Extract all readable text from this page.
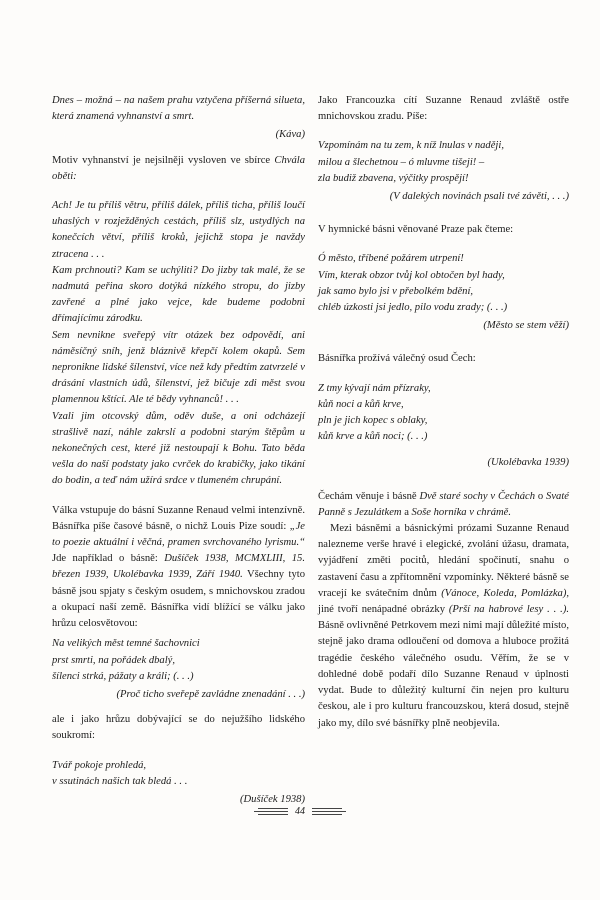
Dnes – možná – na našem prahu vztyčena příšerná silueta, která znamená vyhnanství a smrt.

(Káva)

Motiv vyhnanství je nejsilněji vysloven ve sbírce Chvála oběti:

Ach! Je tu příliš větru, příliš dálek, příliš ticha, příliš loučí uhaslých v rozježděných cestách, příliš slz, ustydlých na konečcích větví, příliš kroků, jejichž stopa je navždy ztracena . . .

Kam prchnouti? Kam se uchýliti? Do jizby tak malé, že se nadmutá peřina skoro dotýká nízkého stropu, do jizby zavřené a plné jako vejce, kde budeme podobni dřímajícímu zárodku.

Sem nevnikne sveřepý vítr otázek bez odpovědí, ani náměsíčný sníh, jenž bláznivě křepčí kolem okapů. Sem nepronikne lidské šílenství, více než kdy předtím zatvrzelé v drásání vlastních údů, šílenství, jež bičuje zdi měst svou plamennou kštící. Ale té bědy vyhnanců! . . .

Vzali jim otcovský dům, oděv duše, a oni odcházejí strašlivě nazí, náhle zakrslí a podobni starým štěpům u nekonečných cest, které již nestoupají k Bohu. Tato běda vešla do naší podstaty jako cvrček do krabičky, jako tikání do bodin, a teď nám užírá srdce v tlumeném chrupání.

Válka vstupuje do básní Suzanne Renaud velmi intenzívně. Básnířka píše časové básně, o nichž Louis Pize soudí: „Je to poezie aktuální i věčná, pramen svrchovaného lyrismu.“ Jde například o básně: Dušíček 1938, MCMXLIII, 15. březen 1939, Ukolébavka 1939, Září 1940. Všechny tyto básně jsou spjaty s českým osudem, s mnichovskou zradou a okupací naší země. Básnířka vidí blížící se válku jako hrůzu celosvětovou:

Na velikých měst temné šachovnici

prst smrti, na pořádek dbalý,

šílenci strká, pážaty a králi; (. . .)

(Proč ticho sveřepě zavládne znenadání . . .)

ale i jako hrůzu dobývající se do nejužšího lidského soukromí:

Tvář pokoje prohledá,

v ssutinách našich tak bledá . . .

(Dušíček 1938)

Jako Francouzka cítí Suzanne Renaud zvláště ostře mnichovskou zradu. Píše:

Vzpomínám na tu zem, k níž lnulas v naději,

milou a šlechetnou – ó mluvme tišeji! –

zla budiž zbavena, výčitky prospějí!

(V dalekých novinách psali tvé závěti, . . .)

V hymnické básni věnované Praze pak čteme:

Ó město, tříbené požárem utrpení!

Vím, kterak obzor tvůj kol obtočen byl hady,

jak samo bylo jsi v přebolkém bdění,

chléb úzkosti jsi jedlo, pilo vodu zrady; (. . .)

(Město se stem věží)

Básnířka prožívá válečný osud Čech:

Z tmy kývají nám přízraky,

kůň noci a kůň krve,

pln je jich kopec s oblaky,

kůň krve a kůň noci; (. . .)

(Ukolébavka 1939)

Čechám věnuje i básně Dvě staré sochy v Čechách o Svaté Panně s Jezulátkem a Soše horníka v chrámě.

Mezi básněmi a básnickými prózami Suzanne Renaud nalezneme verše hravé i elegické, zvolání úžasu, dramata, vyjádření změti pocitů, hledání spočinutí, snahu o zastavení času a zpřítomnění vzpomínky. Některé básně se vracejí ke svátečním dnům (Vánoce, Koleda, Pomlázka), jiné tvoří nenápadné obrázky (Prší na habrové lesy . . .). Básně ovlivněné Petrkovem mezi nimi mají důležité místo, stejně jako drama odloučení od domova a hluboce prožitá tragédie českého válečného osudu. Věřím, že se v dohledné době podaří dílo Suzanne Renaud v úplnosti vydat. Bude to důležitý kulturní čin nejen pro kulturu českou, ale i pro kulturu francouzskou, která dosud, stejně jako my, dílo své básnířky plně neobjevila.

44
